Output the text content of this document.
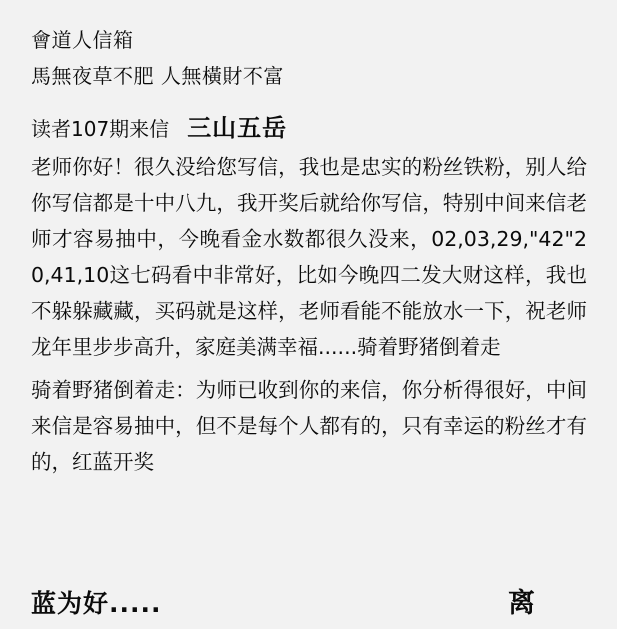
會道人信箱
馬無夜草不肥 人無橫財不富
读者107期来信 三山五岳
老师你好！很久没给您写信，我也是忠实的粉丝铁粉，别人给你写信都是十中八九，我开奖后就给你写信，特别中间来信老师才容易抽中，今晚看金水数都很久没来，02,03,29,"42"20,41,10这七码看中非常好，比如今晚四二发大财这样，我也不躲躲藏藏，买码就是这样，老师看能不能放水一下，祝老师龙年里步步高升，家庭美满幸福......骑着野猪倒着走
骑着野猪倒着走：为师已收到你的来信，你分析得很好，中间来信是容易抽中，但不是每个人都有的，只有幸运的粉丝才有的，红蓝开奖
蓝为好.....	离
